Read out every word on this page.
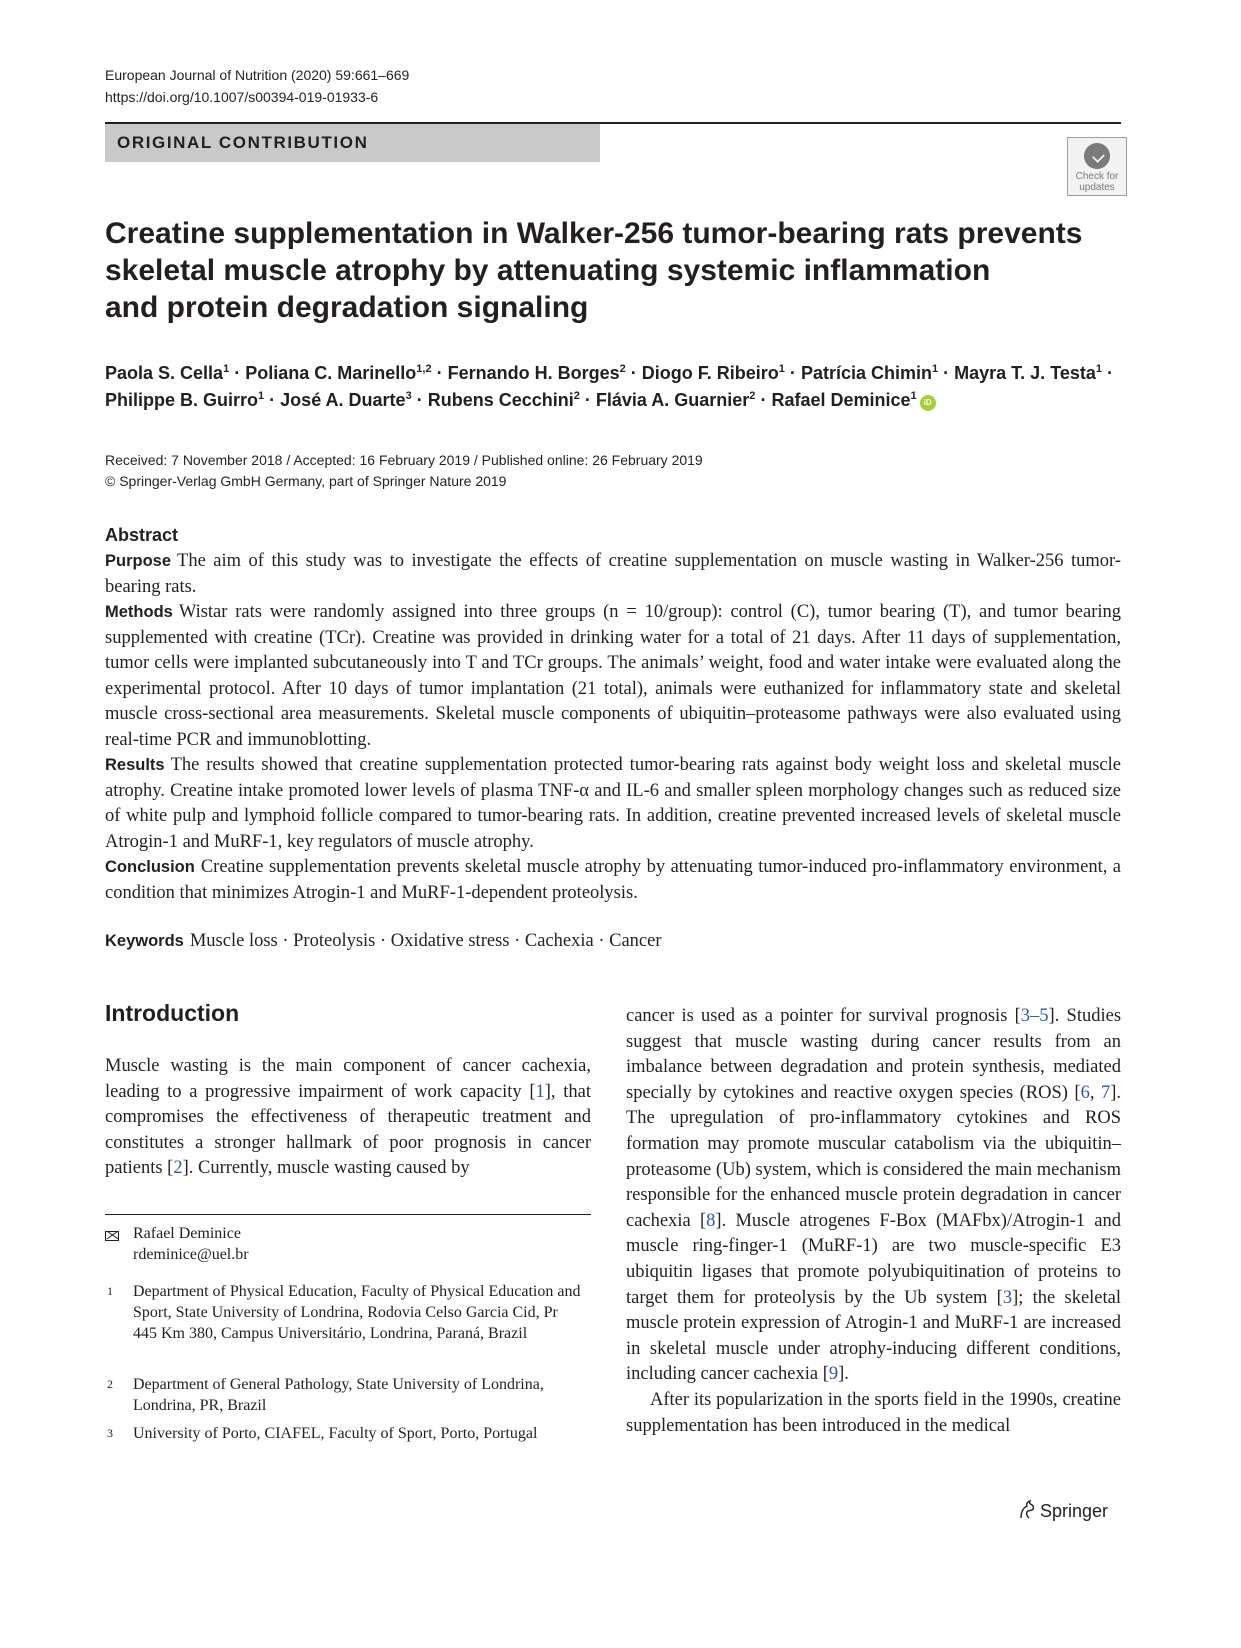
European Journal of Nutrition (2020) 59:661–669
https://doi.org/10.1007/s00394-019-01933-6
ORIGINAL CONTRIBUTION
Check for
updates
Creatine supplementation in Walker-256 tumor-bearing rats prevents
skeletal muscle atrophy by attenuating systemic inflammation
and protein degradation signaling
Paola S. Cella$^1$ · Poliana C. Marinello$^{1,2}$ · Fernando H. Borges$^2$ · Diogo F. Ribeiro$^1$ · Patrícia Chimin$^1$ · Mayra T. J. Testa$^1$ ·
Philippe B. Guirro$^1$ · José A. Duarte$^3$ · Rubens Cecchini$^2$ · Flávia A. Guarnier$^2$ · Rafael Deminice$^1$iD
Received: 7 November 2018 / Accepted: 16 February 2019 / Published online: 26 February 2019
© Springer-Verlag GmbH Germany, part of Springer Nature 2019
Abstract
Purpose The aim of this study was to investigate the effects of creatine supplementation on muscle wasting in Walker-256 tumor-bearing rats.
Methods Wistar rats were randomly assigned into three groups (n = 10/group): control (C), tumor bearing (T), and tumor bearing supplemented with creatine (TCr). Creatine was provided in drinking water for a total of 21 days. After 11 days of supplementation, tumor cells were implanted subcutaneously into T and TCr groups. The animals’ weight, food and water intake were evaluated along the experimental protocol. After 10 days of tumor implantation (21 total), animals were euthanized for inflammatory state and skeletal muscle cross-sectional area measurements. Skeletal muscle components of ubiquitin–proteasome pathways were also evaluated using real-time PCR and immunoblotting.
Results The results showed that creatine supplementation protected tumor-bearing rats against body weight loss and skeletal muscle atrophy. Creatine intake promoted lower levels of plasma TNF-α and IL-6 and smaller spleen morphology changes such as reduced size of white pulp and lymphoid follicle compared to tumor-bearing rats. In addition, creatine prevented increased levels of skeletal muscle Atrogin-1 and MuRF-1, key regulators of muscle atrophy.
Conclusion Creatine supplementation prevents skeletal muscle atrophy by attenuating tumor-induced pro-inflammatory environment, a condition that minimizes Atrogin-1 and MuRF-1-dependent proteolysis.
Keywords Muscle loss · Proteolysis · Oxidative stress · Cachexia · Cancer
Introduction

Muscle wasting is the main component of cancer cachexia, leading to a progressive impairment of work capacity [1], that compromises the effectiveness of therapeutic treatment and constitutes a stronger hallmark of poor prognosis in cancer patients [2]. Currently, muscle wasting caused by

cancer is used as a pointer for survival prognosis [3–5]. Studies suggest that muscle wasting during cancer results from an imbalance between degradation and protein synthesis, mediated specially by cytokines and reactive oxygen species (ROS) [6, 7]. The upregulation of pro-inflammatory cytokines and ROS formation may promote muscular catabolism via the ubiquitin–proteasome (Ub) system, which is considered the main mechanism responsible for the enhanced muscle protein degradation in cancer cachexia [8]. Muscle atrogenes F-Box (MAFbx)/Atrogin-1 and muscle ring-finger-1 (MuRF-1) are two muscle-specific E3 ubiquitin ligases that promote polyubiquitination of proteins to target them for proteolysis by the Ub system [3]; the skeletal muscle protein expression of Atrogin-1 and MuRF-1 are increased in skeletal muscle under atrophy-inducing different conditions, including cancer cachexia [9].

After its popularization in the sports field in the 1990s, creatine supplementation has been introduced in the medical

Rafael Deminice
rdeminice@uel.br
1 Department of Physical Education, Faculty of Physical Education and Sport, State University of Londrina, Rodovia Celso Garcia Cid, Pr 445 Km 380, Campus Universitário, Londrina, Paraná, Brazil
2 Department of General Pathology, State University of Londrina, Londrina, PR, Brazil
3 University of Porto, CIAFEL, Faculty of Sport, Porto, Portugal
Springer
